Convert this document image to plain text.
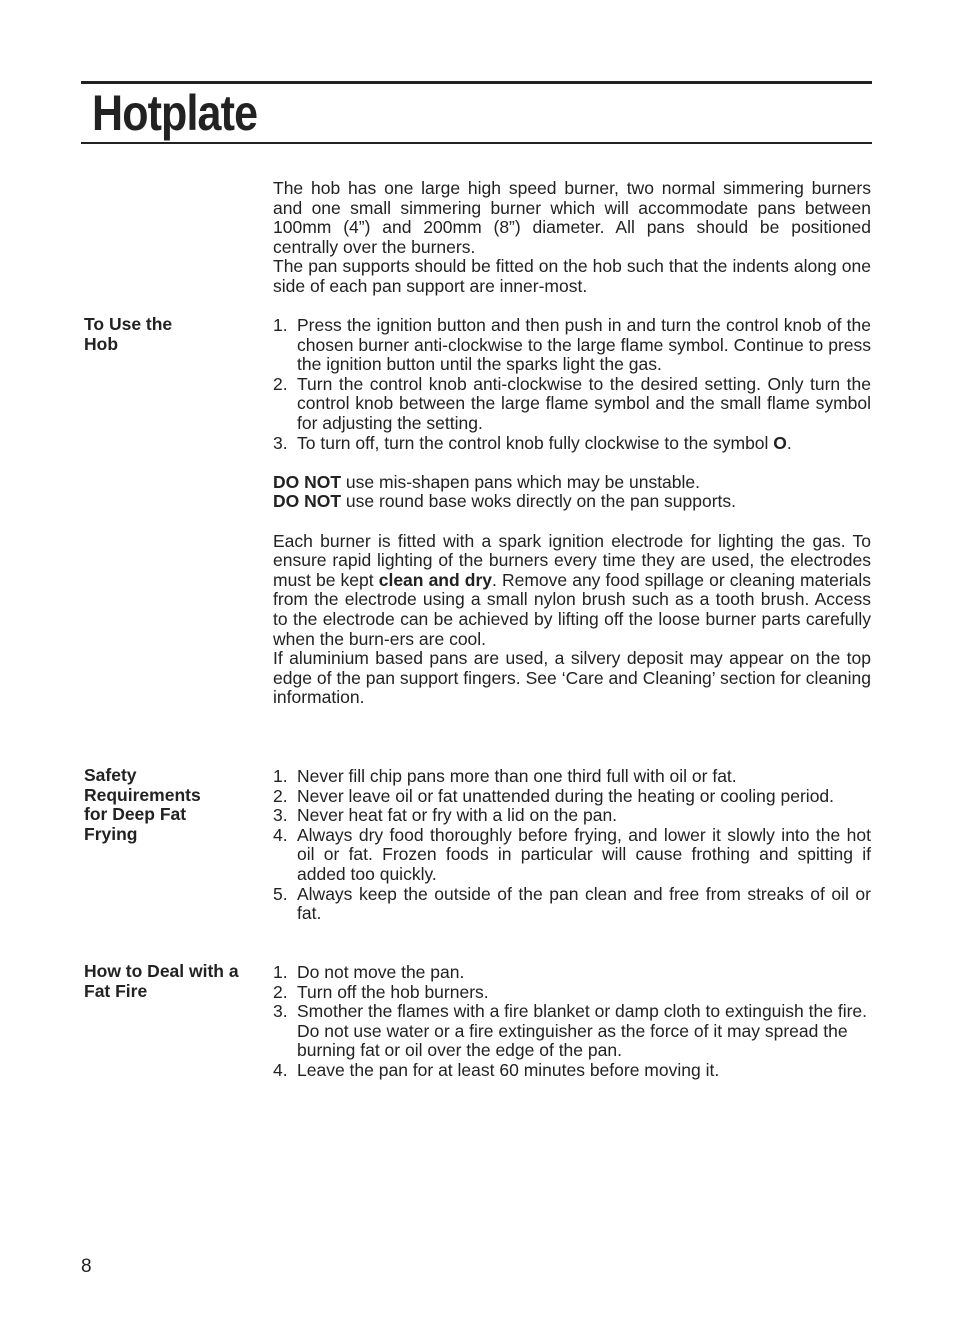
Hotplate

The hob has one large high speed burner, two normal simmering burners and one small simmering burner which will accommodate pans between 100mm (4”) and 200mm (8”) diameter. All pans should be positioned centrally over the burners.

The pan supports should be fitted on the hob such that the indents along one side of each pan support are inner-most.

To Use the Hob
1. Press the ignition button and then push in and turn the control knob of the chosen burner anti-clockwise to the large flame symbol. Continue to press the ignition button until the sparks light the gas.
2. Turn the control knob anti-clockwise to the desired setting. Only turn the control knob between the large flame symbol and the small flame symbol for adjusting the setting.
3. To turn off, turn the control knob fully clockwise to the symbol O.

DO NOT use mis-shapen pans which may be unstable.

DO NOT use round base woks directly on the pan supports.

Each burner is fitted with a spark ignition electrode for lighting the gas. To ensure rapid lighting of the burners every time they are used, the electrodes must be kept clean and dry. Remove any food spillage or cleaning materials from the electrode using a small nylon brush such as a tooth brush. Access to the electrode can be achieved by lifting off the loose burner parts carefully when the burn-ers are cool.

If aluminium based pans are used, a silvery deposit may appear on the top edge of the pan support fingers. See ‘Care and Cleaning’ section for cleaning information.

Safety Requirements for Deep Fat Frying
1. Never fill chip pans more than one third full with oil or fat.
2. Never leave oil or fat unattended during the heating or cooling period.
3. Never heat fat or fry with a lid on the pan.
4. Always dry food thoroughly before frying, and lower it slowly into the hot oil or fat. Frozen foods in particular will cause frothing and spitting if added too quickly.
5. Always keep the outside of the pan clean and free from streaks of oil or fat.
How to Deal with a Fat Fire
1. Do not move the pan.
2. Turn off the hob burners.
3. Smother the flames with a fire blanket or damp cloth to extinguish the fire. Do not use water or a fire extinguisher as the force of it may spread the burning fat or oil over the edge of the pan.
4. Leave the pan for at least 60 minutes before moving it.
8
